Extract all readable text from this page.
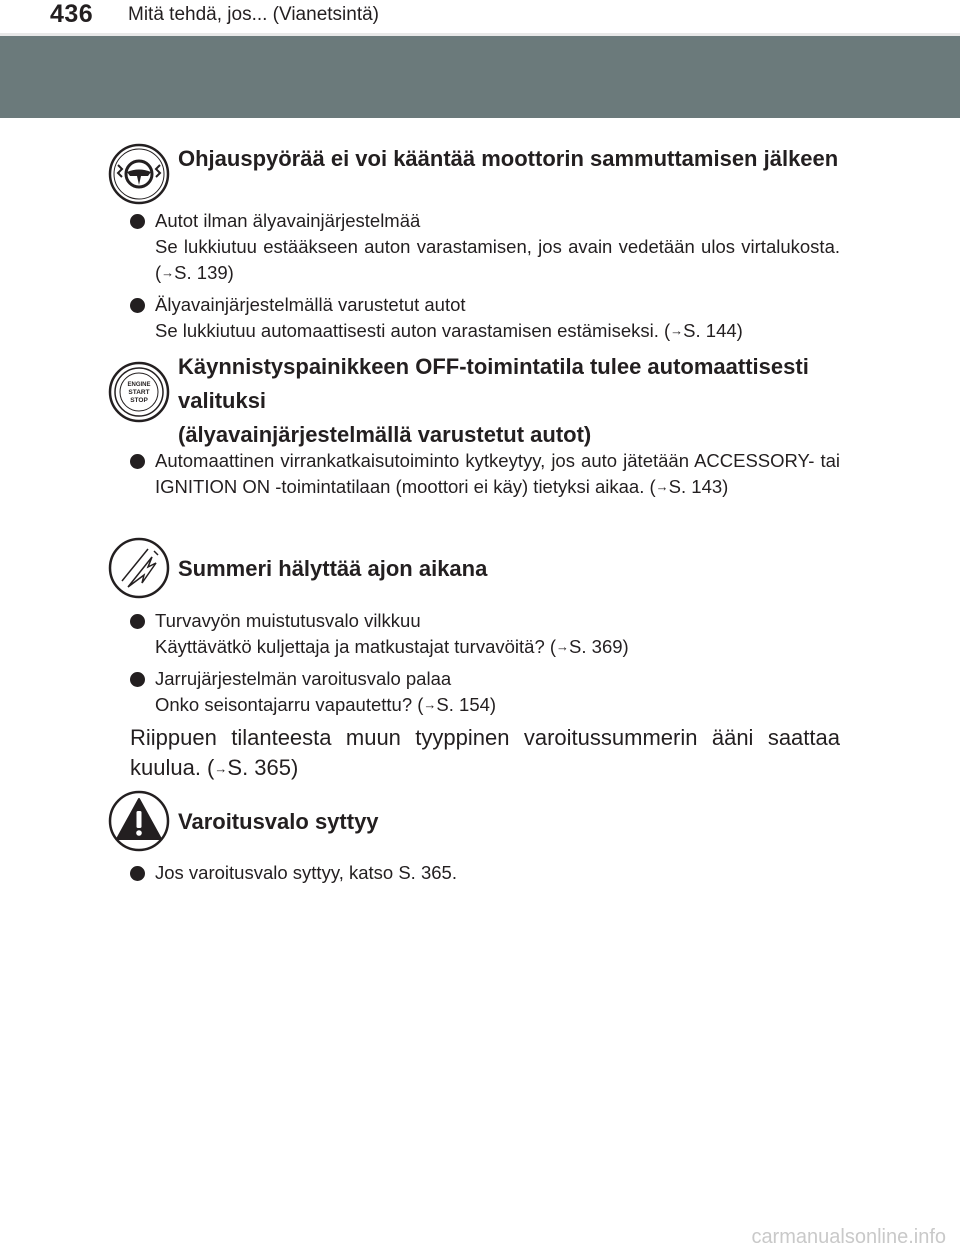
436 Mitä tehdä, jos... (Vianetsintä)
Ohjauspyörää ei voi kääntää moottorin sammuttamisen jälkeen
Autot ilman älyavainjärjestelmää
Se lukkiutuu estääkseen auton varastamisen, jos avain vedetään ulos virtalukosta. (→S. 139)
Älyavainjärjestelmällä varustetut autot
Se lukkiutuu automaattisesti auton varastamisen estämiseksi. (→S. 144)
ENGINE
START
STOP
Käynnistyspainikkeen OFF-toimintatila tulee automaattisesti
valituksi
(älyavainjärjestelmällä varustetut autot)
Automaattinen virrankatkaisutoiminto kytkeytyy, jos auto jätetään ACCESSORY- tai IGNITION ON -toimintatilaan (moottori ei käy) tietyksi aikaa. (→S. 143)
Summeri hälyttää ajon aikana
Turvavyön muistutusvalo vilkkuu
Käyttävätkö kuljettaja ja matkustajat turvavöitä? (→S. 369)
Jarrujärjestelmän varoitusvalo palaa
Onko seisontajarru vapautettu? (→S. 154)
Riippuen tilanteesta muun tyyppinen varoitussummerin ääni saattaa kuulua. (→S. 365)
Varoitusvalo syttyy
Jos varoitusvalo syttyy, katso S. 365.
carmanualsonline.info
